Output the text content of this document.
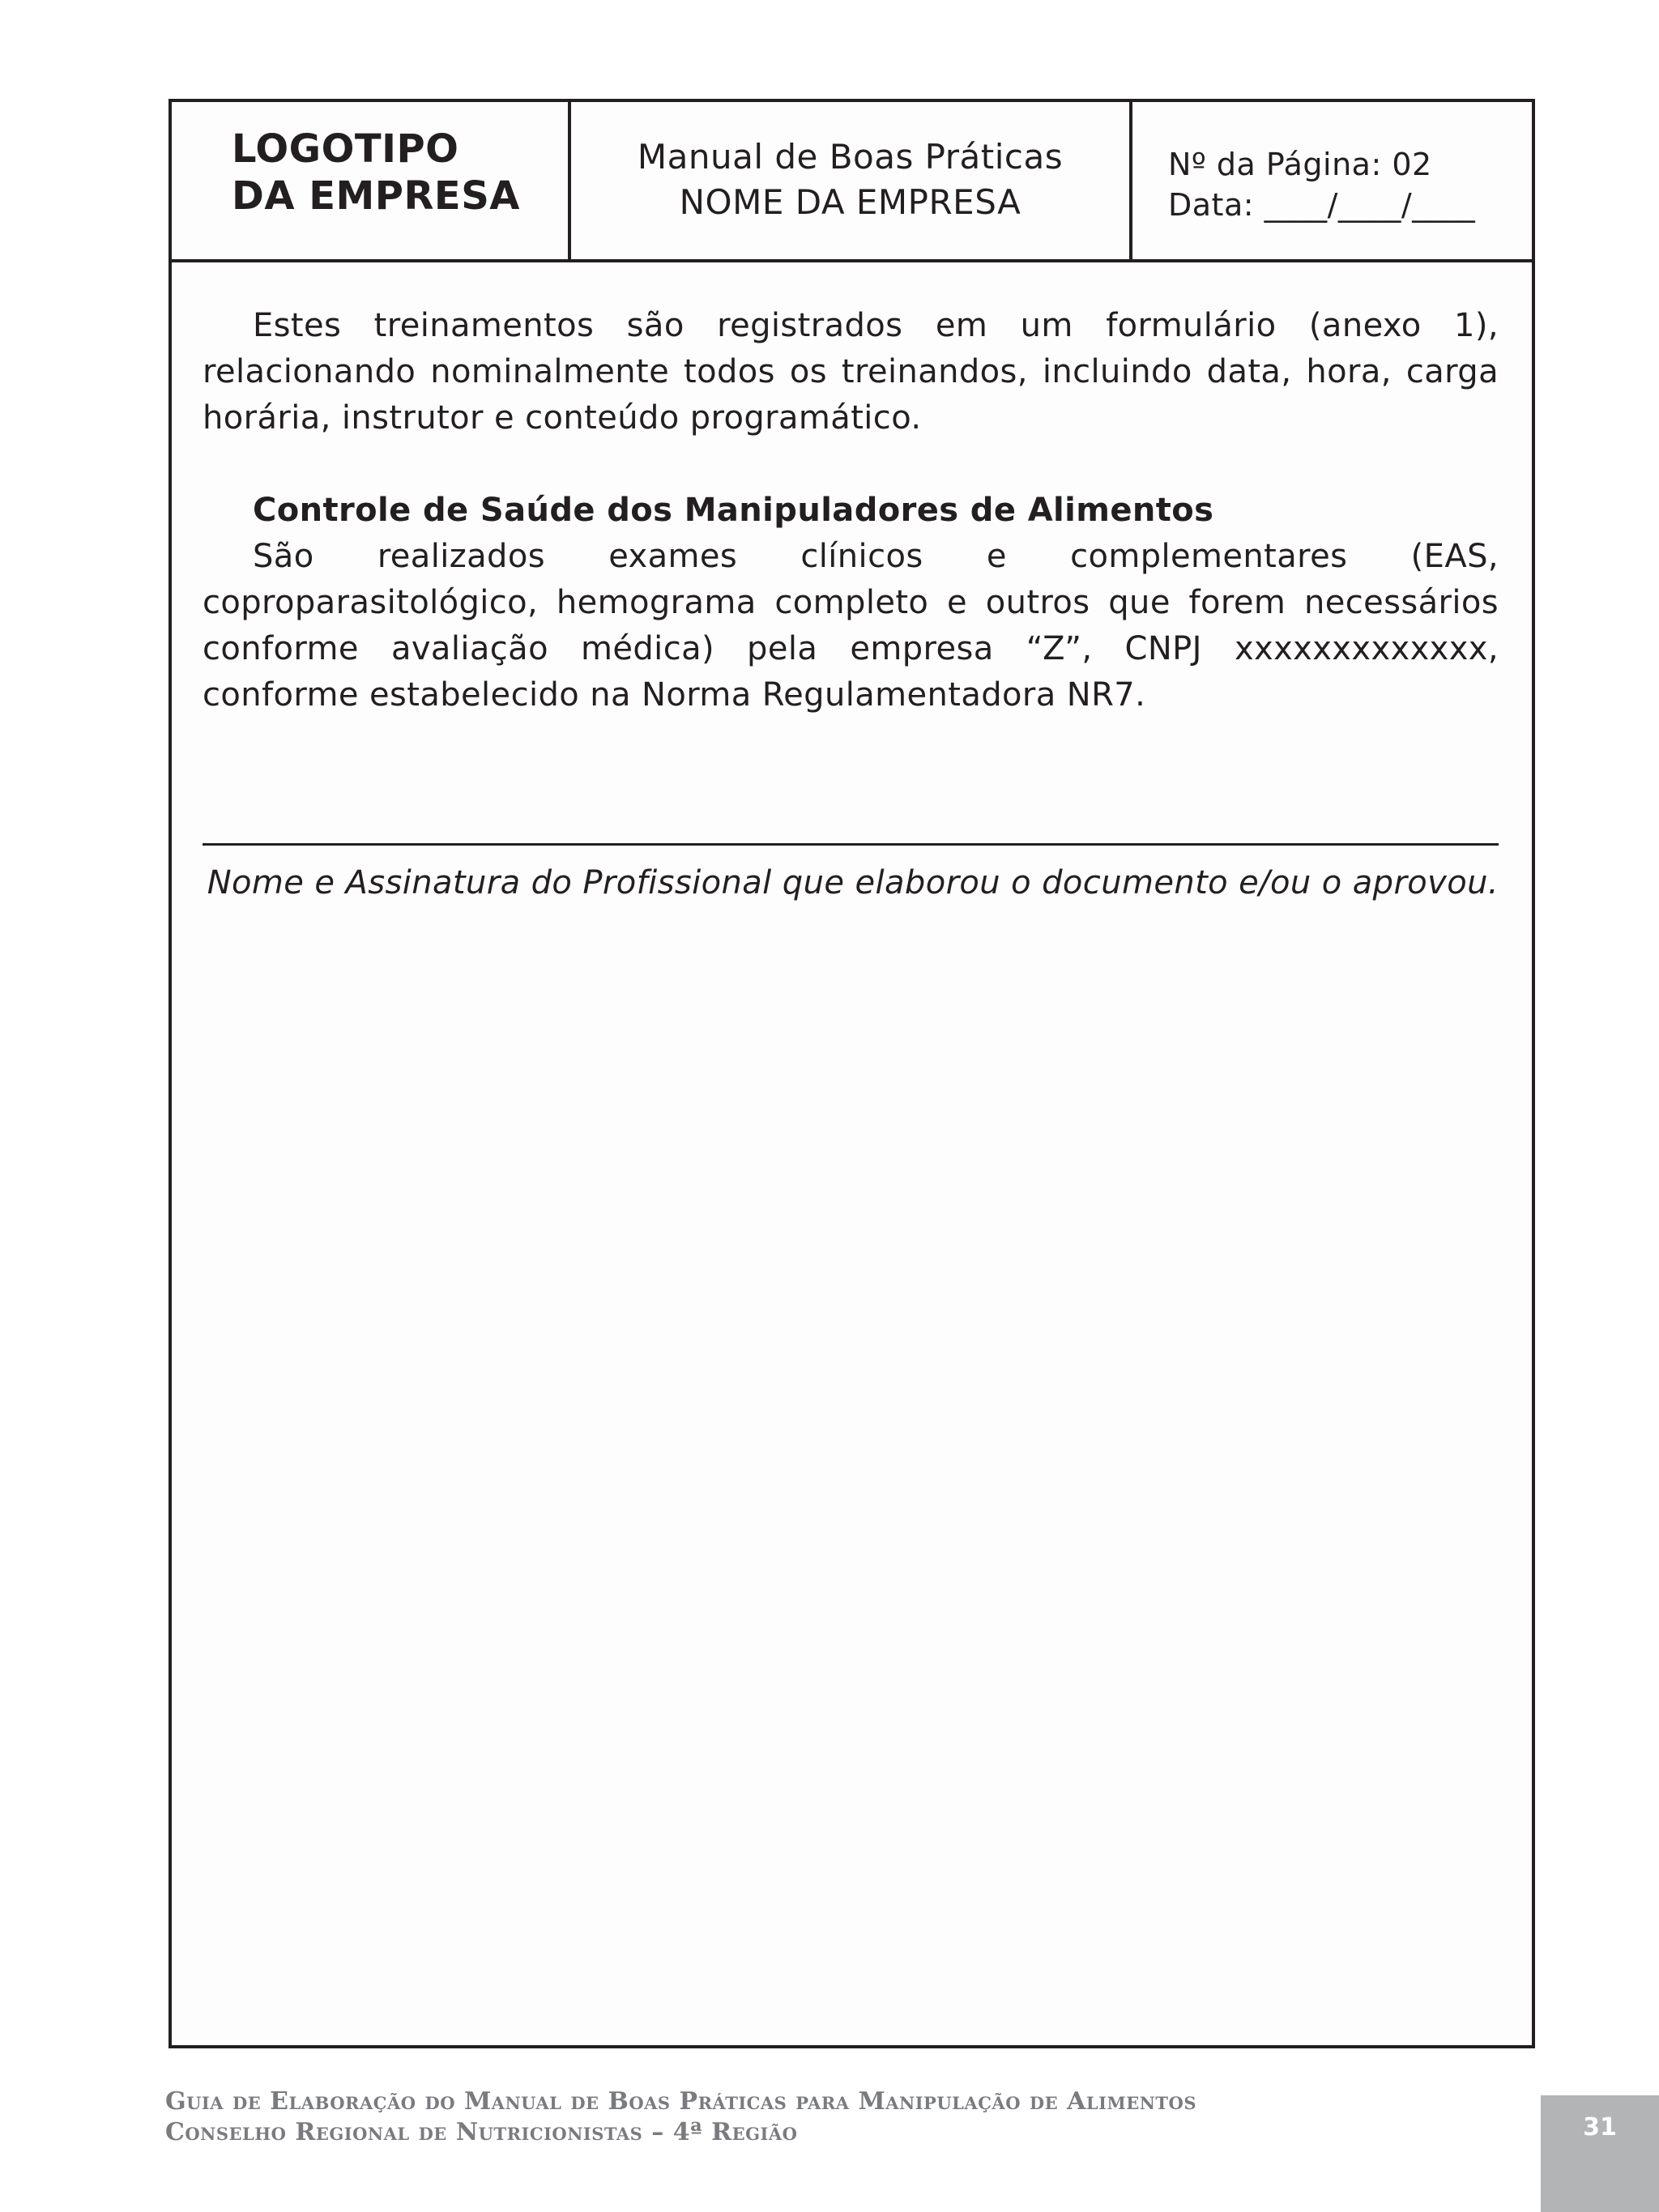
LOGOTIPO
DA EMPRESA
Manual de Boas Práticas
NOME DA EMPRESA
Nº da Página: 02
Data: ____/____/____

Estes treinamentos são registrados em um formulário (anexo 1), relacionando nominalmente todos os treinandos, incluindo data, hora, carga horária, instrutor e conteúdo programático.

Controle de Saúde dos Manipuladores de Alimentos

São realizados exames clínicos e complementares (EAS, coproparasitológico, hemograma completo e outros que forem necessários conforme avaliação médica) pela empresa “Z”, CNPJ xxxxxxxxxxxxx, conforme estabelecido na Norma Regulamentadora NR7.

Nome e Assinatura do Profissional que elaborou o documento e/ou o aprovou.
Guia de Elaboração do Manual de Boas Práticas para Manipulação de Alimentos
Conselho Regional de Nutricionistas – 4ª Região	31
